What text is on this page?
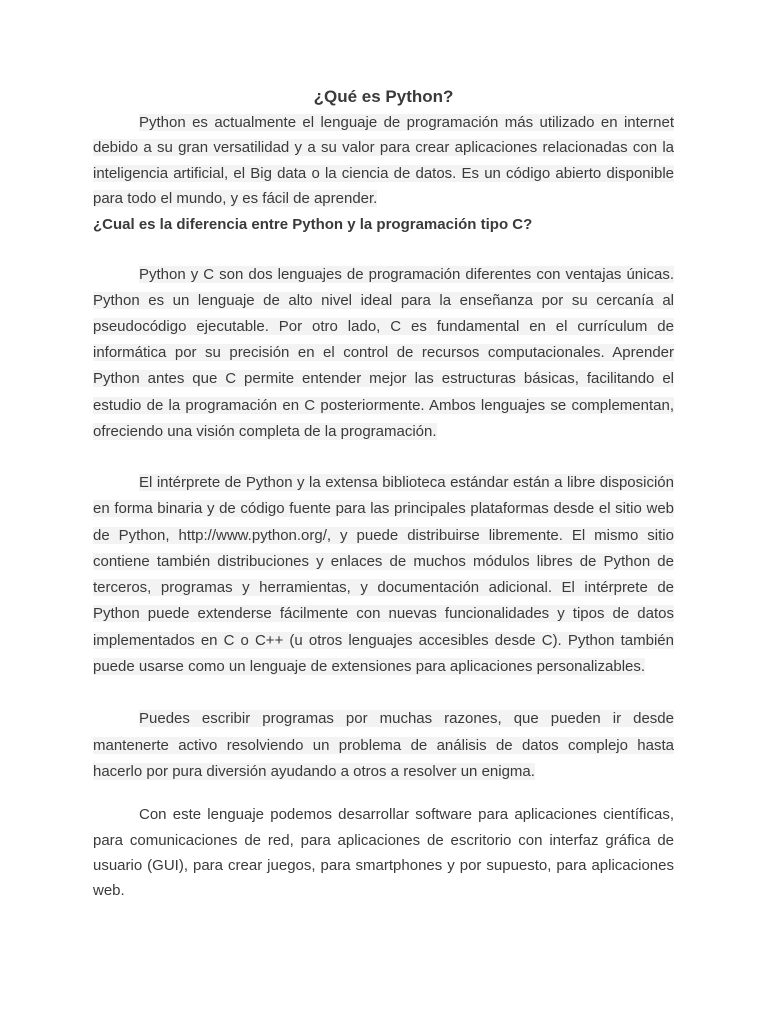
¿Qué es Python?

Python es actualmente el lenguaje de programación más utilizado en internet debido a su gran versatilidad y a su valor para crear aplicaciones relacionadas con la inteligencia artificial, el Big data o la ciencia de datos. Es un código abierto disponible para todo el mundo, y es fácil de aprender.

¿Cual es la diferencia entre Python y la programación tipo C?

Python y C son dos lenguajes de programación diferentes con ventajas únicas. Python es un lenguaje de alto nivel ideal para la enseñanza por su cercanía al pseudocódigo ejecutable. Por otro lado, C es fundamental en el currículum de informática por su precisión en el control de recursos computacionales. Aprender Python antes que C permite entender mejor las estructuras básicas, facilitando el estudio de la programación en C posteriormente. Ambos lenguajes se complementan, ofreciendo una visión completa de la programación.

El intérprete de Python y la extensa biblioteca estándar están a libre disposición en forma binaria y de código fuente para las principales plataformas desde el sitio web de Python, http://www.python.org/, y puede distribuirse libremente. El mismo sitio contiene también distribuciones y enlaces de muchos módulos libres de Python de terceros, programas y herramientas, y documentación adicional. El intérprete de Python puede extenderse fácilmente con nuevas funcionalidades y tipos de datos implementados en C o C++ (u otros lenguajes accesibles desde C). Python también puede usarse como un lenguaje de extensiones para aplicaciones personalizables.

Puedes escribir programas por muchas razones, que pueden ir desde mantenerte activo resolviendo un problema de análisis de datos complejo hasta hacerlo por pura diversión ayudando a otros a resolver un enigma.

Con este lenguaje podemos desarrollar software para aplicaciones científicas, para comunicaciones de red, para aplicaciones de escritorio con interfaz gráfica de usuario (GUI), para crear juegos, para smartphones y por supuesto, para aplicaciones web.
